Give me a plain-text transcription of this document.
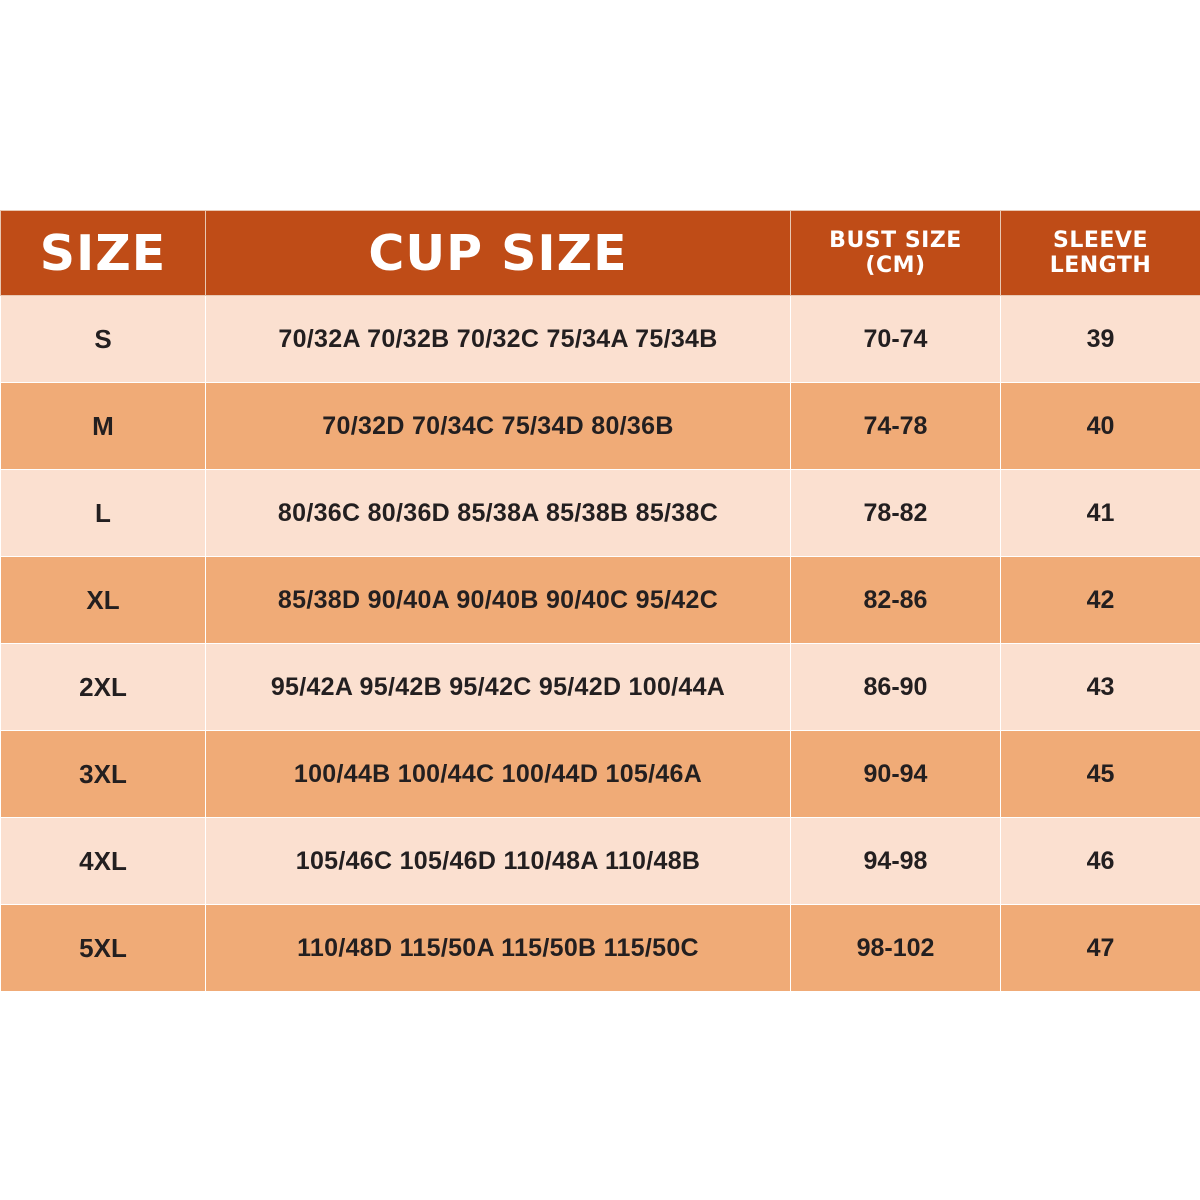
SIZE	CUP SIZE	BUST SIZE (CM)	SLEEVE LENGTH
S	70/32A 70/32B 70/32C 75/34A 75/34B	70-74	39
M	70/32D 70/34C 75/34D 80/36B	74-78	40
L	80/36C 80/36D 85/38A 85/38B 85/38C	78-82	41
XL	85/38D 90/40A 90/40B 90/40C 95/42C	82-86	42
2XL	95/42A 95/42B 95/42C 95/42D 100/44A	86-90	43
3XL	100/44B 100/44C 100/44D 105/46A	90-94	45
4XL	105/46C 105/46D 110/48A 110/48B	94-98	46
5XL	110/48D 115/50A 115/50B 115/50C	98-102	47
